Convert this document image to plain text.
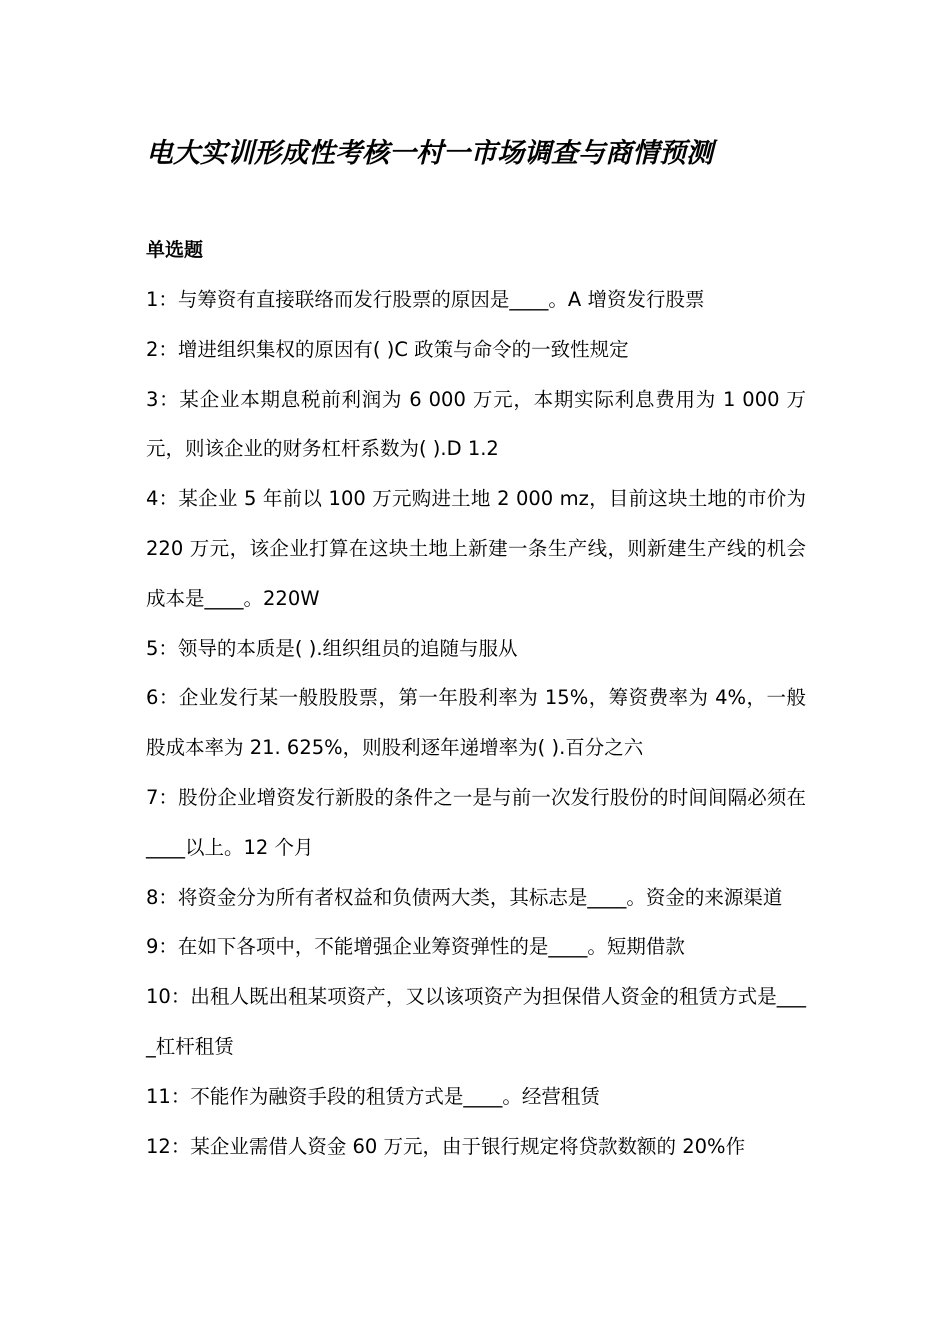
电大实训形成性考核一村一市场调查与商情预测
单选题
1：与筹资有直接联络而发行股票的原因是____。A 增资发行股票
2：增进组织集权的原因有( )C 政策与命令的一致性规定
3：某企业本期息税前利润为 6 000 万元，本期实际利息费用为 1 000 万元，则该企业的财务杠杆系数为( ).D 1.2
4：某企业 5 年前以 100 万元购进土地 2 000 mz，目前这块土地的市价为 220 万元，该企业打算在这块土地上新建一条生产线，则新建生产线的机会成本是____。220W
5：领导的本质是( ).组织组员的追随与服从
6：企业发行某一般股股票，第一年股利率为 15%，筹资费率为 4%，一般股成本率为 21. 625%，则股利逐年递增率为( ).百分之六
7：股份企业增资发行新股的条件之一是与前一次发行股份的时间间隔必须在____以上。12 个月
8：将资金分为所有者权益和负债两大类，其标志是____。资金的来源渠道
9：在如下各项中，不能增强企业筹资弹性的是____。短期借款
10：出租人既出租某项资产，又以该项资产为担保借人资金的租赁方式是____杠杆租赁
11：不能作为融资手段的租赁方式是____。经营租赁
12：某企业需借人资金 60 万元，由于银行规定将贷款数额的 20%作
